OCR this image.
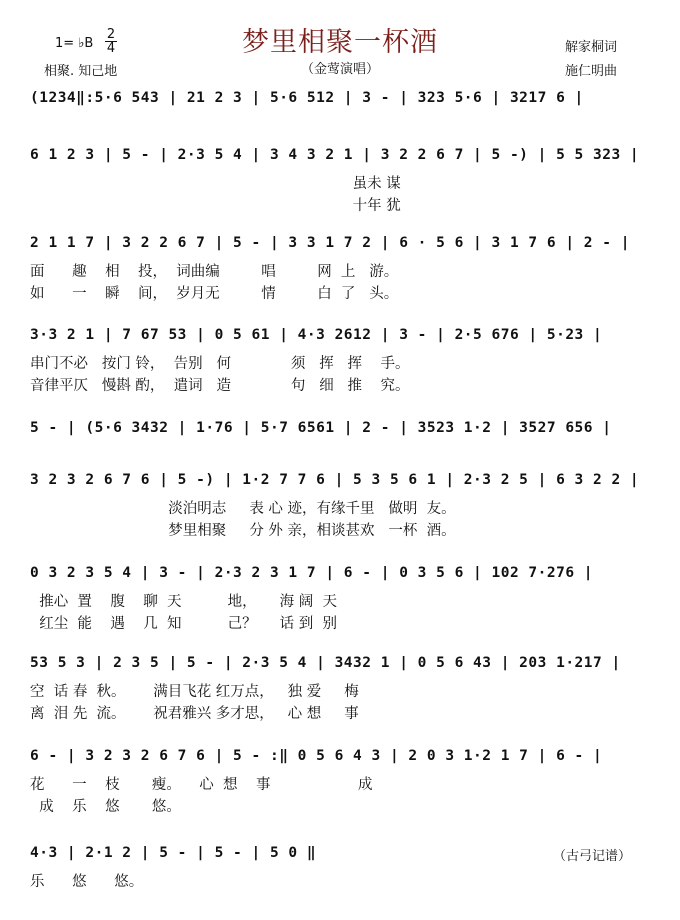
1= ♭B
2
4	梦里相聚一杯酒	解家桐词
相聚. 知己地	（金莺演唱）	施仁明曲
（古弓记谱）
(1234‖:5·6 543 | 21 2 3 | 5·6 512 | 3 - | 323 5·6 | 3217 6 |
6 1 2 3 | 5 - | 2·3 5 4 | 3 4 3 2 1 | 3 2 2 6 7 | 5 -) | 5 5 323 |
虽未 谋
十年 犹
2 1 1 7 | 3 2 2 6 7 | 5 - | 3 3 1 7 2 | 6 · 5 6 | 3 1 7 6 | 2 - |
面      趣    相    投，  词曲编         唱         网  上   游。
如      一    瞬    间，  岁月无         情         白  了   头。
3·3 2 1 | 7 67 53 | 0 5 61 | 4·3 2612 | 3 - | 2·5 676 | 5·23 |
串门不必   按门 铃，  告别   何             须   挥   挥    手。
音律平仄   慢斟 酌，  遣词   造             句   细   推    究。
5 - | (5·6 3432 | 1·76 | 5·7 6561 | 2 - | 3523 1·2 | 3527 656 |
3 2 3 2 6 7 6 | 5 -) | 1·2 7 7 6 | 5 3 5 6 1 | 2·3 2 5 | 6 3 2 2 |
淡泊明志     表 心 迹，有缘千里   做明  友。
梦里相聚     分 外 亲，相谈甚欢   一杯  酒。
0 3 2 3 5 4 | 3 - | 2·3 2 3 1 7 | 6 - | 0 3 5 6 | 102 7·276 |
推心  置    腹    聊  天          地，     海 阔  天
红尘  能    遇    几  知          己？     话 到  别
53 5 3 | 2 3 5 | 5 - | 2·3 5 4 | 3432 1 | 0 5 6 43 | 203 1·217 |
空  话 春  秋。      满目飞花 红万点，   独 爱     梅
离  泪 先  流。      祝君雅兴 多才思，   心 想     事
6 - | 3 2 3 2 6 7 6 | 5 - :‖ 0 5 6 4 3 | 2 0 3 1·2 1 7 | 6 - |
花      一    枝       瘦。    心  想    事                   成
成    乐    悠       悠。
4·3 | 2·1 2 | 5 - | 5 - | 5 0 ‖
乐      悠      悠。
